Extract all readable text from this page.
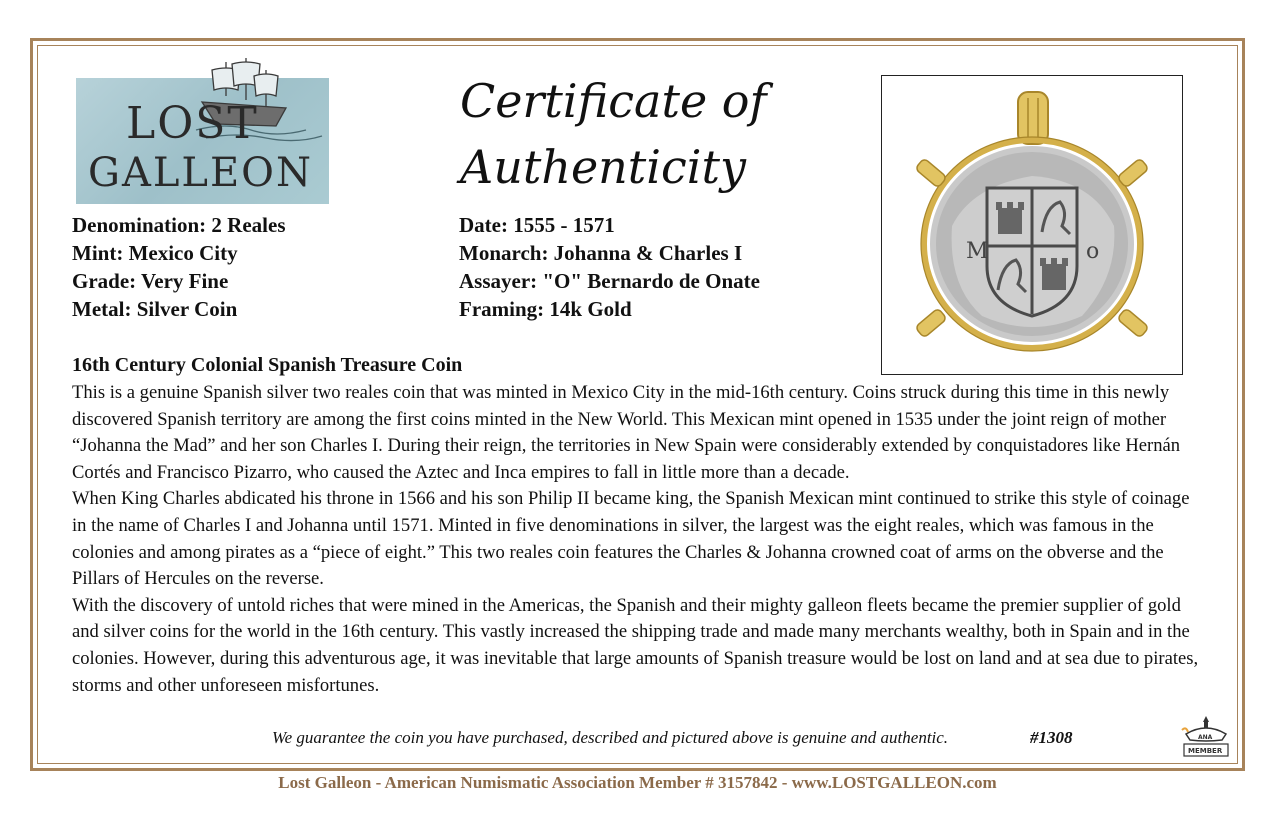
LOST
GALLEON
Certificate of
Authenticity
Denomination: 2 Reales
Mint: Mexico City
Grade: Very Fine
Metal: Silver Coin
Date: 1555 - 1571
Monarch: Johanna & Charles I
Assayer: "O" Bernardo de Onate
Framing: 14k Gold
M	o
16th Century Colonial Spanish Treasure Coin

This is a genuine Spanish silver two reales coin that was minted in Mexico City in the mid-16th century. Coins struck during this time in this newly discovered Spanish territory are among the first coins minted in the New World. This Mexican mint opened in 1535 under the joint reign of mother “Johanna the Mad” and her son Charles I. During their reign, the territories in New Spain were considerably extended by conquistadores like Hernán Cortés and Francisco Pizarro, who caused the Aztec and Inca empires to fall in little more than a decade.

When King Charles abdicated his throne in 1566 and his son Philip II became king, the Spanish Mexican mint continued to strike this style of coinage in the name of Charles I and Johanna until 1571. Minted in five denominations in silver, the largest was the eight reales, which was famous in the colonies and among pirates as a “piece of eight.” This two reales coin features the Charles & Johanna crowned coat of arms on the obverse and the Pillars of Hercules on the reverse.

With the discovery of untold riches that were mined in the Americas, the Spanish and their mighty galleon fleets became the premier supplier of gold and silver coins for the world in the 16th century. This vastly increased the shipping trade and made many merchants wealthy, both in Spain and in the colonies. However, during this adventurous age, it was inevitable that large amounts of Spanish treasure would be lost on land and at sea due to pirates, storms and other unforeseen misfortunes.

We guarantee the coin you have purchased, described and pictured above is genuine and authentic.	#1308	ANA
MEMBER
Lost Galleon - American Numismatic Association Member # 3157842 - www.LOSTGALLEON.com
